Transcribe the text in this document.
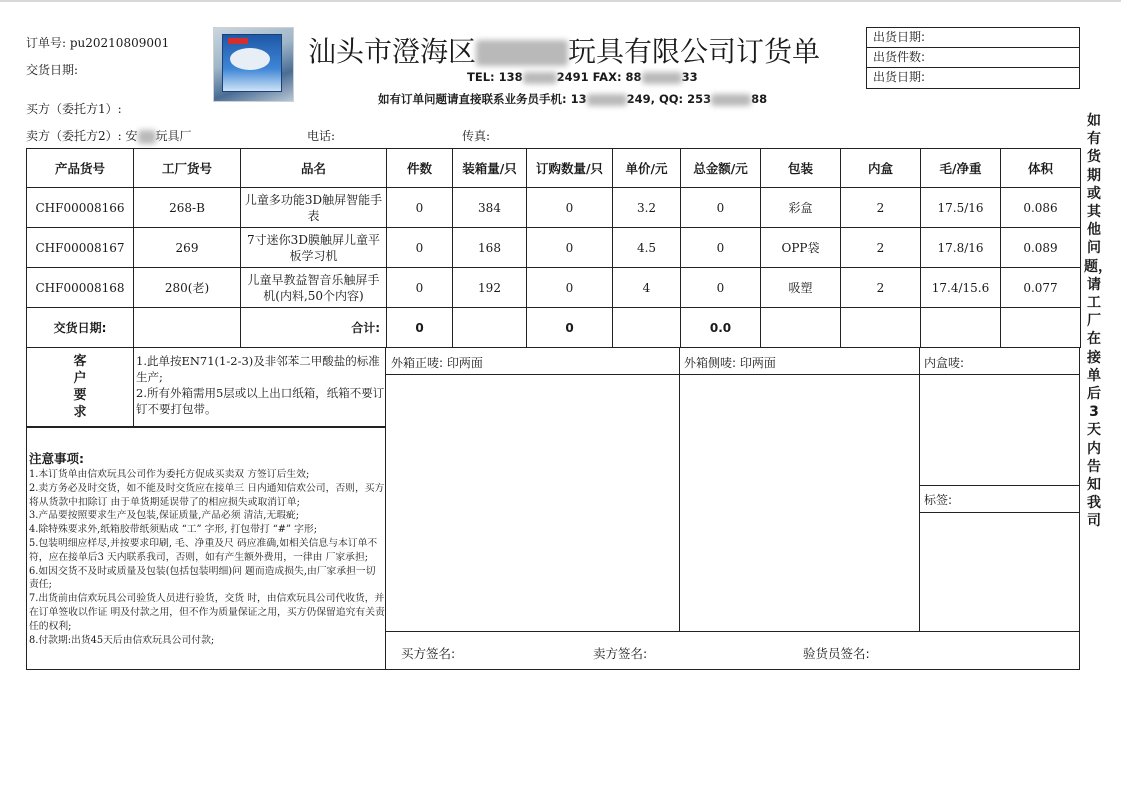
订单号: pu20210809001
交货日期:
买方（委托方1）:
卖方（委托方2）: 安 玩具厂	电话:	传真:
汕头市澄海区	玩具有限公司订货单
TEL: 138	2491 FAX: 88	33
如有订单问题请直接联系业务员手机: 13	249, QQ: 253	88
出货日期:
出货件数:
出货日期:
如有货期或其他问题，请工厂在接单后3天内告知我司
产品货号	工厂货号	品名	件数	装箱量/只	订购数量/只	单价/元	总金额/元	包装	内盒	毛/净重	体积
CHF00008166	268-B	儿童多功能3D触屏智能手表	0	384	0	3.2	0	彩盒	2	17.5/16	0.086
CHF00008167	269	7寸迷你3D膜触屏儿童平板学习机	0	168	0	4.5	0	OPP袋	2	17.8/16	0.089
CHF00008168	280(老)	儿童早教益智音乐触屏手机(内料,50个内容)	0	192	0	4	0	吸塑	2	17.4/15.6	0.077
交货日期:		合计:	0		0		0.0				
客
户
要
求
1.此单按EN71(1-2-3)及非邻苯二甲酸盐的标准生产;
2.所有外箱需用5层或以上出口纸箱，纸箱不要订钉不要打包带。
注意事项:
1.本订货单由信欢玩具公司作为委托方促成买卖双 方签订后生效;
2.卖方务必及时交货，如不能及时交货应在接单三 日内通知信欢公司，否则，买方将从货款中扣除订 由于单货期延误带了的相应损失或取消订单;
3.产品要按照要求生产及包装,保证质量,产品必须 清洁,无瑕疵;
4.除特殊要求外,纸箱胶带纸须贴成 “工” 字形, 打包带打 “#” 字形;
5.包装明细应样尽,并按要求印刷, 毛、净重及尺 码应准确,如相关信息与本订单不符，应在接单后3 天内联系我司，否则，如有产生额外费用，一律由 厂家承担;
6.如因交货不及时或质量及包装(包括包装明细)问 题而造成损失,由厂家承担一切责任;
7.出货前由信欢玩具公司验货人员进行验货，交货 时，由信欢玩具公司代收货，并在订单签收以作证 明及付款之用，但不作为质量保证之用，买方仍保留追究有关责任的权利;
8.付款期:出货45天后由信欢玩具公司付款;
外箱正唛: 印两面	外箱侧唛: 印两面	内盒唛:
标签:
买方签名:	卖方签名:	验货员签名:
